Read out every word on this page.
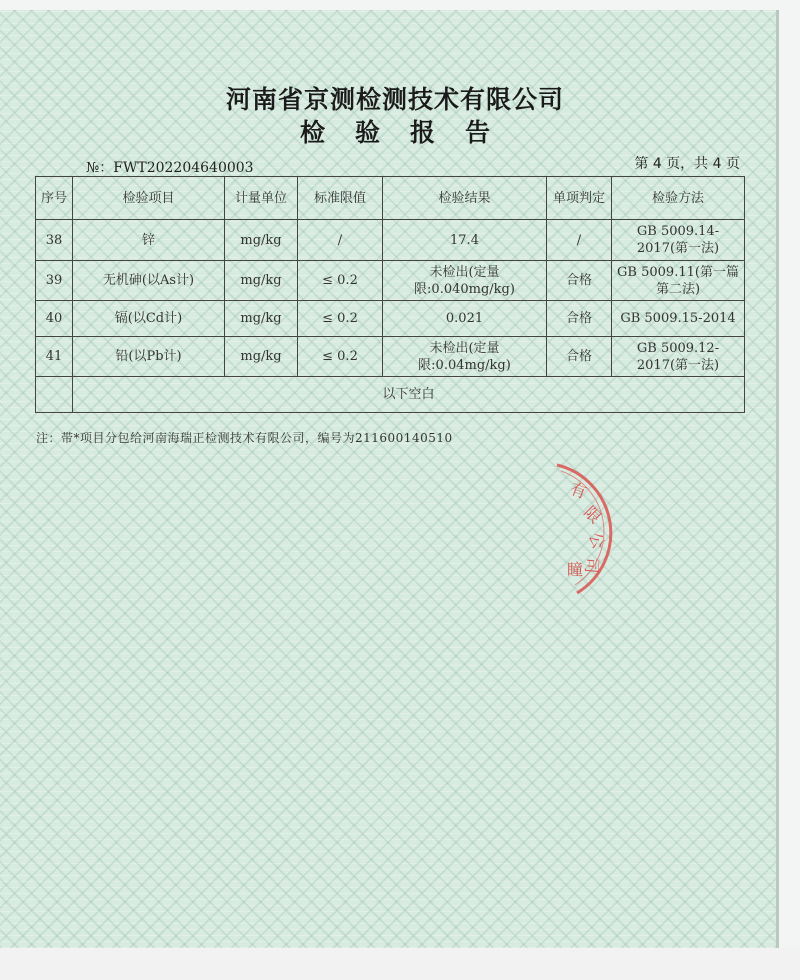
河南省京测检测技术有限公司
检验报告
№：FWT202204640003	第 4 页，共 4 页
序号	检验项目	计量单位	标准限值	检验结果	单项判定	检验方法
38	锌	mg/kg	/	17.4	/	GB 5009.14-2017(第一法)
39	无机砷(以As计)	mg/kg	≤ 0.2	未检出(定量限:0.040mg/kg)	合格	GB 5009.11(第一篇第二法)
40	镉(以Cd计)	mg/kg	≤ 0.2	0.021	合格	GB 5009.15-2014
41	铅(以Pb计)	mg/kg	≤ 0.2	未检出(定量限:0.04mg/kg)	合格	GB 5009.12-2017(第一法)
	以下空白					
注：带*项目分包给河南海瑞正检测技术有限公司，编号为211600140510
有
限
公
司
瞳
